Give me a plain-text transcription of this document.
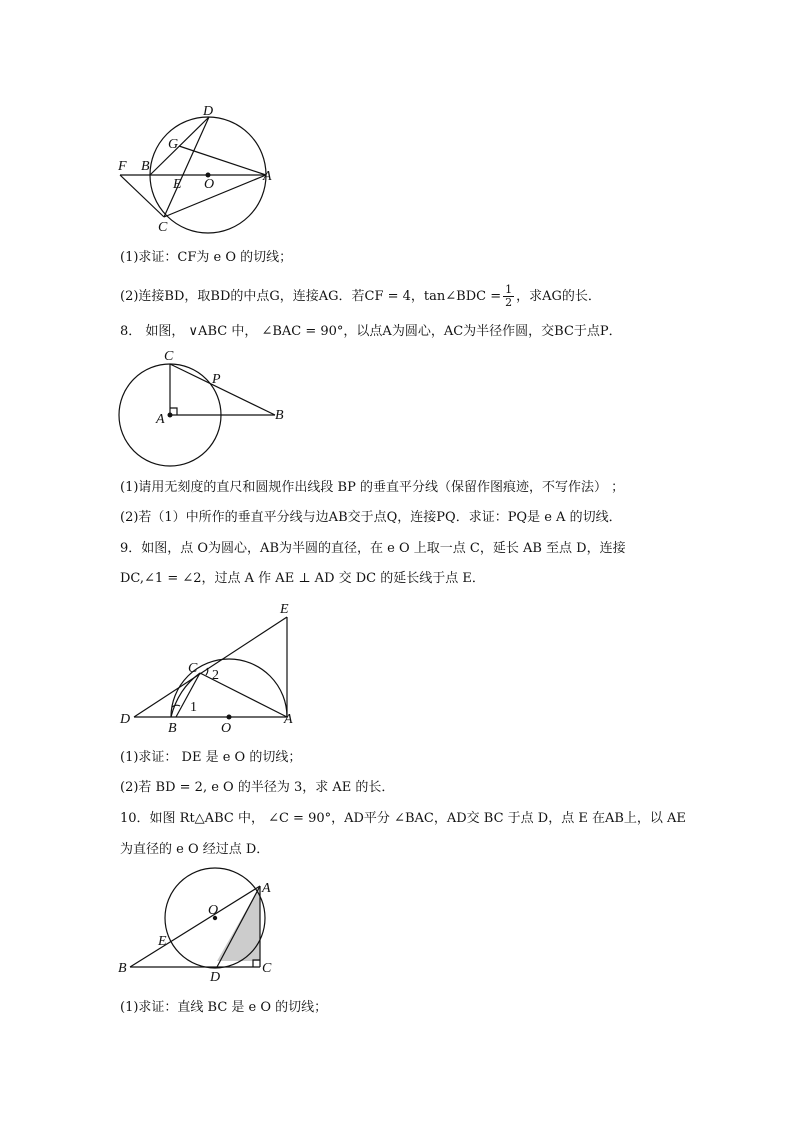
D
G
F B
E O
A
C
(1)求证：CF为 e O 的切线；
(2)连接BD，取BD的中点G，连接AG．若CF = 4，tan∠BDC = $\frac{1}{2}$ ，求AG的长．
8． 如图， ∨ABC 中， ∠BAC = 90°，以点A为圆心，AC为半径作圆，交BC于点P．
C
P
A	B
(1)请用无刻度的直尺和圆规作出线段 BP 的垂直平分线（保留作图痕迹，不写作法） ；
(2)若（1）中所作的垂直平分线与边AB交于点Q，连接PQ．求证：PQ是 e A 的切线．
9．如图，点 O为圆心，AB为半圆的直径，在 e O 上取一点 C，延长 AB 至点 D，连接
DC,∠1 = ∠2，过点 A 作 AE ⊥ AD 交 DC 的延长线于点 E．
E
C 2
1
D
B	O
A
(1)求证： DE 是 e O 的切线；
(2)若 BD = 2, e O 的半径为 3，求 AE 的长．
10．如图 Rt△ABC 中， ∠C = 90°，AD平分 ∠BAC，AD交 BC 于点 D，点 E 在AB上，以 AE
为直径的 e O 经过点 D．
A
O
E
B
D
C
(1)求证：直线 BC 是 e O 的切线；
